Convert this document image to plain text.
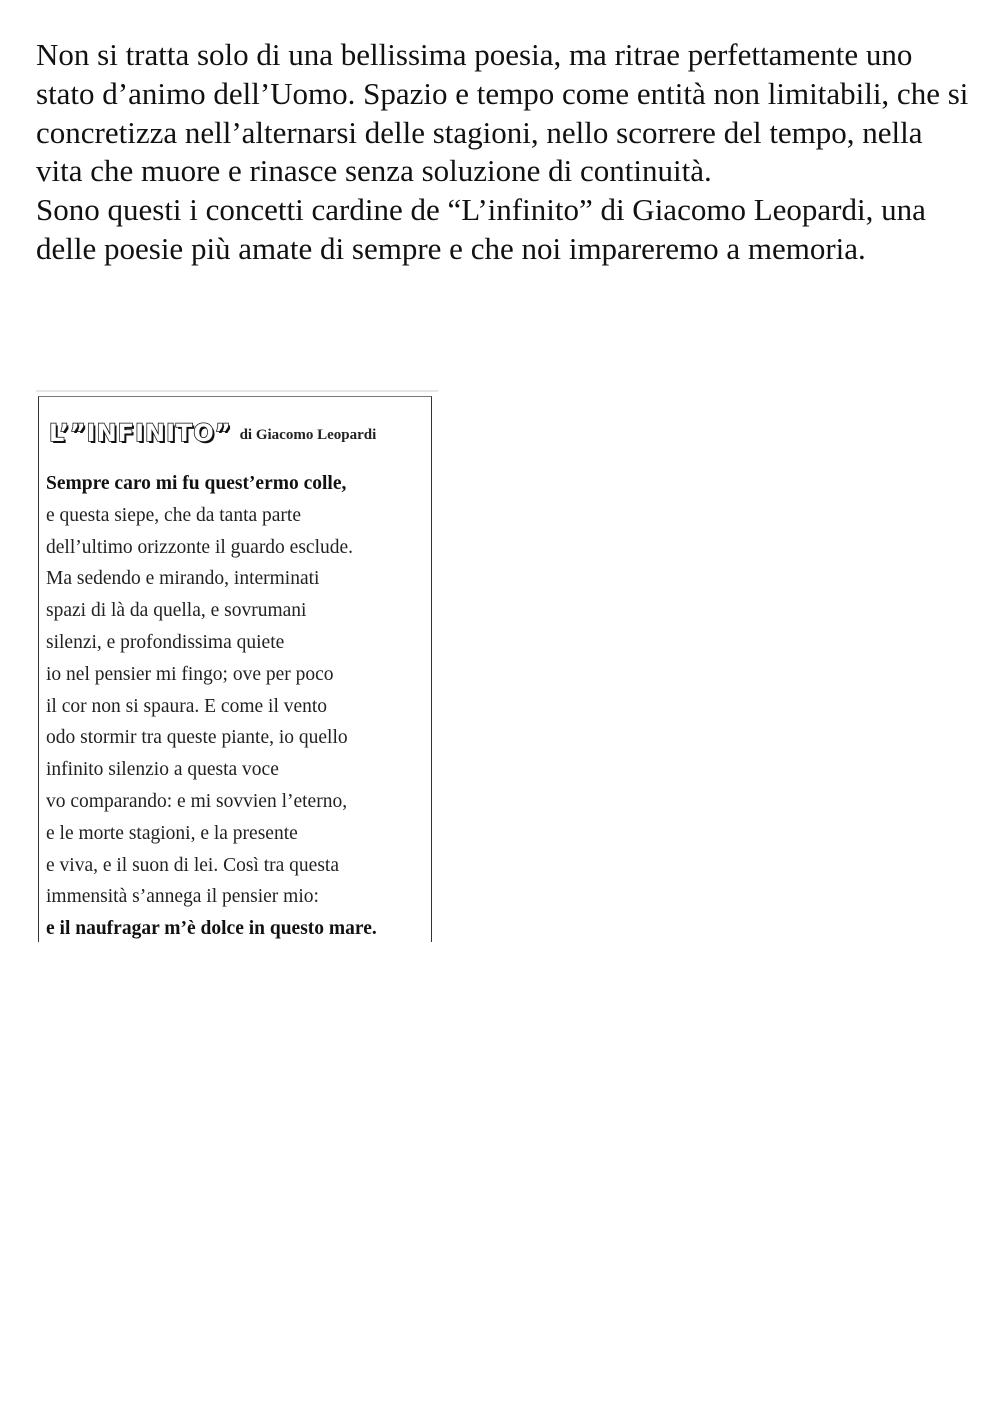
Non si tratta solo di una bellissima poesia, ma ritrae perfettamente uno stato d’animo dell’Uomo. Spazio e tempo come entità non limitabili, che si concretizza nell’alternarsi delle stagioni, nello scorrere del tempo, nella vita che muore e rinasce senza soluzione di continuità.

Sono questi i concetti cardine de “L’infinito” di Giacomo Leopardi, una delle poesie più amate di sempre e che noi impareremo a memoria.

L’”INFINITO” di Giacomo Leopardi
Sempre caro mi fu quest’ermo colle,
e questa siepe, che da tanta parte
dell’ultimo orizzonte il guardo esclude.
Ma sedendo e mirando, interminati
spazi di là da quella, e sovrumani
silenzi, e profondissima quiete
io nel pensier mi fingo; ove per poco
il cor non si spaura. E come il vento
odo stormir tra queste piante, io quello
infinito silenzio a questa voce
vo comparando: e mi sovvien l’eterno,
e le morte stagioni, e la presente
e viva, e il suon di lei. Così tra questa
immensità s’annega il pensier mio:
e il naufragar m’è dolce in questo mare.
